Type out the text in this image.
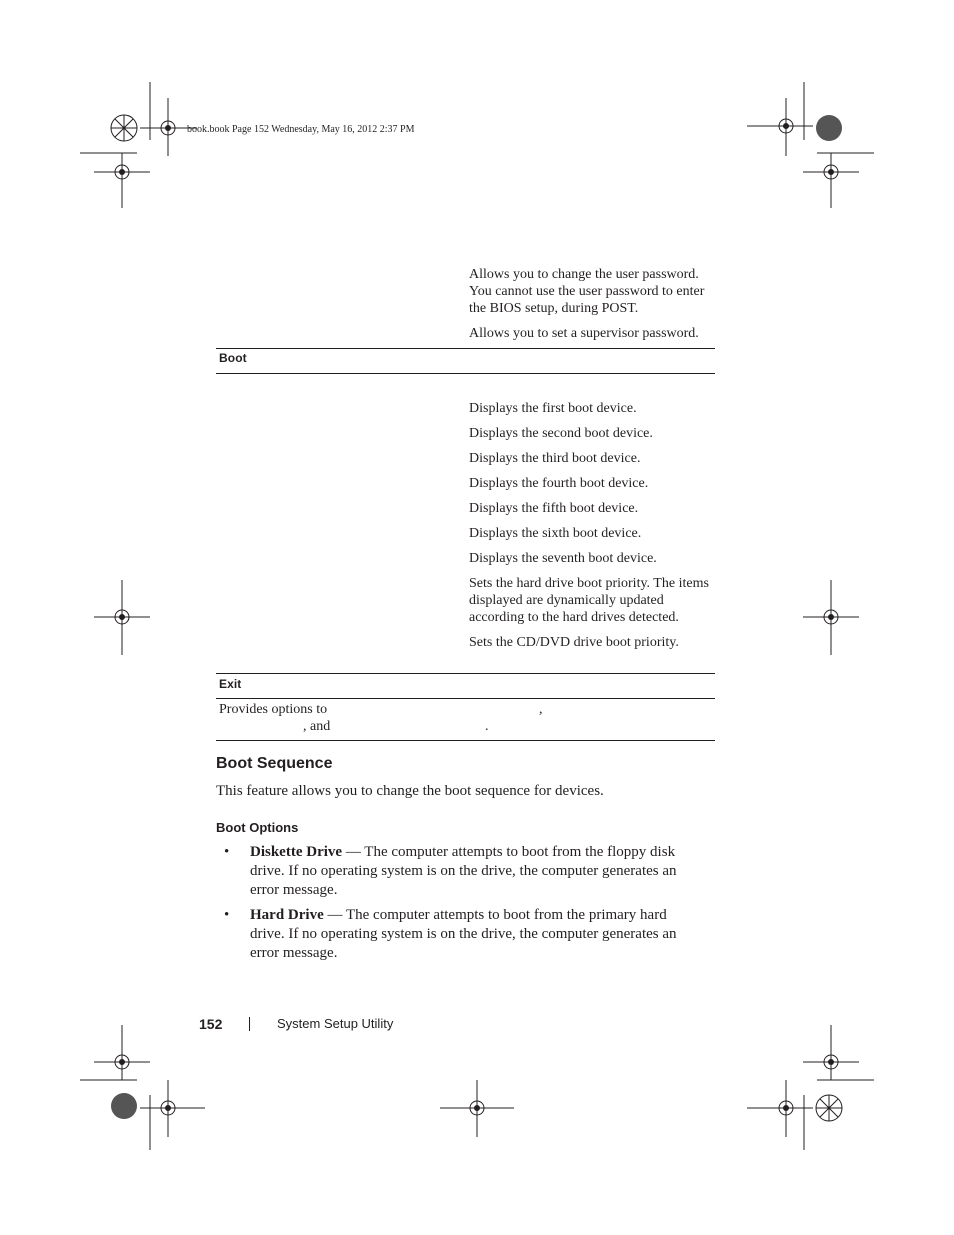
book.book Page 152 Wednesday, May 16, 2012 2:37 PM
Allows you to change the user password. You cannot use the user password to enter the BIOS setup, during POST.
Allows you to set a supervisor password.
Boot
Displays the first boot device.
Displays the second boot device.
Displays the third boot device.
Displays the fourth boot device.
Displays the fifth boot device.
Displays the sixth boot device.
Displays the seventh boot device.
Sets the hard drive boot priority. The items displayed are dynamically updated according to the hard drives detected.
Sets the CD/DVD drive boot priority.
Exit
Provides options to	,
, and	.
Boot Sequence
This feature allows you to change the boot sequence for devices.
Boot Options
• Diskette Drive — The computer attempts to boot from the floppy disk drive. If no operating system is on the drive, the computer generates an error message.
• Hard Drive — The computer attempts to boot from the primary hard drive. If no operating system is on the drive, the computer generates an error message.
152	System Setup Utility
